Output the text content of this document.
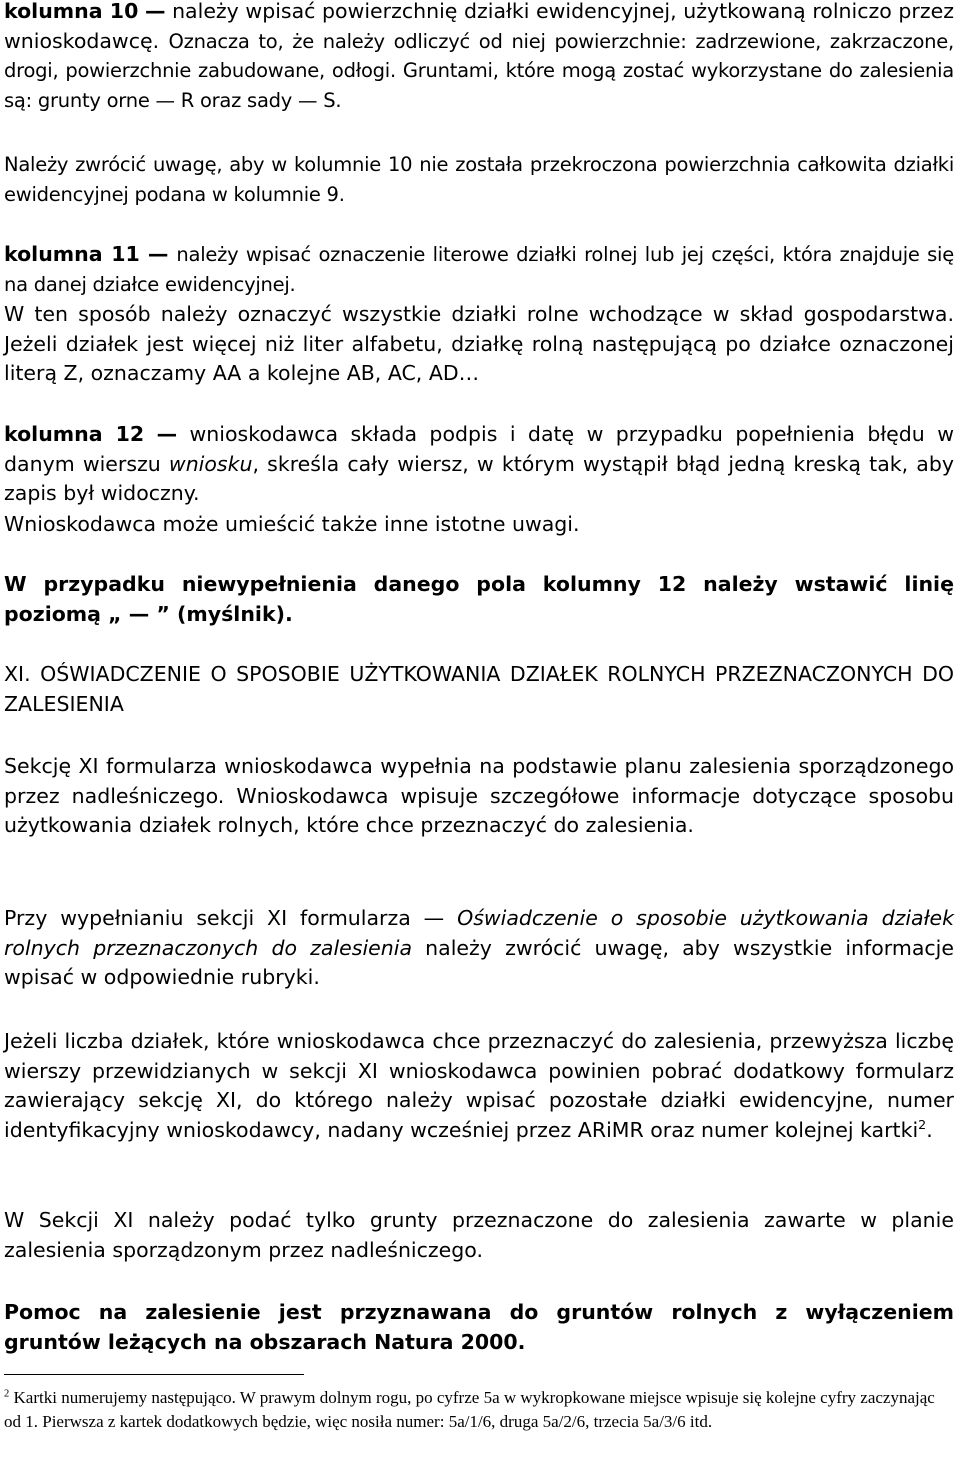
kolumna 10 — należy wpisać powierzchnię działki ewidencyjnej, użytkowaną rolniczo przez wnioskodawcę. Oznacza to, że należy odliczyć od niej powierzchnie: zadrzewione, zakrzaczone, drogi, powierzchnie zabudowane, odłogi. Gruntami, które mogą zostać wykorzystane do zalesienia są: grunty orne — R oraz sady — S.

Należy zwrócić uwagę, aby w kolumnie 10 nie została przekroczona powierzchnia całkowita działki ewidencyjnej podana w kolumnie 9.

kolumna 11 — należy wpisać oznaczenie literowe działki rolnej lub jej części, która znajduje się na danej działce ewidencyjnej.

W ten sposób należy oznaczyć wszystkie działki rolne wchodzące w skład gospodarstwa. Jeżeli działek jest więcej niż liter alfabetu, działkę rolną następującą po działce oznaczonej literą Z, oznaczamy AA a kolejne AB, AC, AD…

kolumna 12 — wnioskodawca składa podpis i datę w przypadku popełnienia błędu w danym wierszu wniosku, skreśla cały wiersz, w którym wystąpił błąd jedną kreską tak, aby zapis był widoczny.

Wnioskodawca może umieścić także inne istotne uwagi.

W przypadku niewypełnienia danego pola kolumny 12 należy wstawić linię poziomą „ — ” (myślnik).

XI. OŚWIADCZENIE O SPOSOBIE UŻYTKOWANIA DZIAŁEK ROLNYCH PRZEZNACZONYCH DO ZALESIENIA

Sekcję XI formularza wnioskodawca wypełnia na podstawie planu zalesienia sporządzonego przez nadleśniczego. Wnioskodawca wpisuje szczegółowe informacje dotyczące sposobu użytkowania działek rolnych, które chce przeznaczyć do zalesienia.

Przy wypełnianiu sekcji XI formularza — Oświadczenie o sposobie użytkowania działek rolnych przeznaczonych do zalesienia należy zwrócić uwagę, aby wszystkie informacje wpisać w odpowiednie rubryki.

Jeżeli liczba działek, które wnioskodawca chce przeznaczyć do zalesienia, przewyższa liczbę wierszy przewidzianych w sekcji XI wnioskodawca powinien pobrać dodatkowy formularz zawierający sekcję XI, do którego należy wpisać pozostałe działki ewidencyjne, numer identyfikacyjny wnioskodawcy, nadany wcześniej przez ARiMR oraz numer kolejnej kartki$^2$.

W Sekcji XI należy podać tylko grunty przeznaczone do zalesienia zawarte w planie zalesienia sporządzonym przez nadleśniczego.

Pomoc na zalesienie jest przyznawana do gruntów rolnych z wyłączeniem gruntów leżących na obszarach Natura 2000.

$^2$ Kartki numerujemy następująco. W prawym dolnym rogu, po cyfrze 5a w wykropkowane miejsce wpisuje się kolejne cyfry zaczynając od 1. Pierwsza z kartek dodatkowych będzie, więc nosiła numer: 5a/1/6, druga 5a/2/6, trzecia 5a/3/6 itd.
